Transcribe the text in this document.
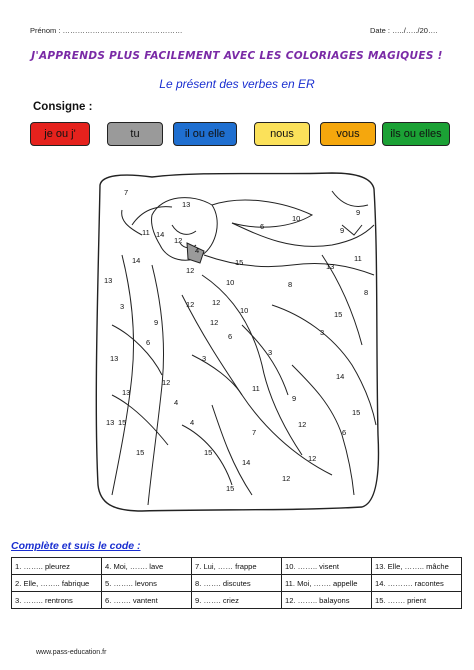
Prénom : …………………………………………	Date : …../…../20….
J'APPRENDS PLUS FACILEMENT AVEC LES COLORIAGES MAGIQUES !
Le présent des verbes en ER
Consigne :
je ou j'	tu	il ou elle	nous	vous	ils ou elles
7
13
11 14
12
12
4
6
10
9
13
11
15
12
9
15
8
14
10
3
6
3
12
15
11
9
13
6
12
14
3
15	15
13
12
4
7
10
12
14
6
8
9
4
13
3
12
12
15
15
13
Complète et suis le code :
1. …….. pleurez	4. Moi, ……. lave	7. Lui, …… frappe	10. …….. visent	13. Elle, …….. mâche
2. Elle, …….. fabrique	5. …….. levons	8. ……. discutes	11. Moi, ……. appelle	14. ………. racontes
3. …….. rentrons	6. ……. vantent	9. ……. criez	12. …….. balayons	15. ……. prient
www.pass-education.fr
